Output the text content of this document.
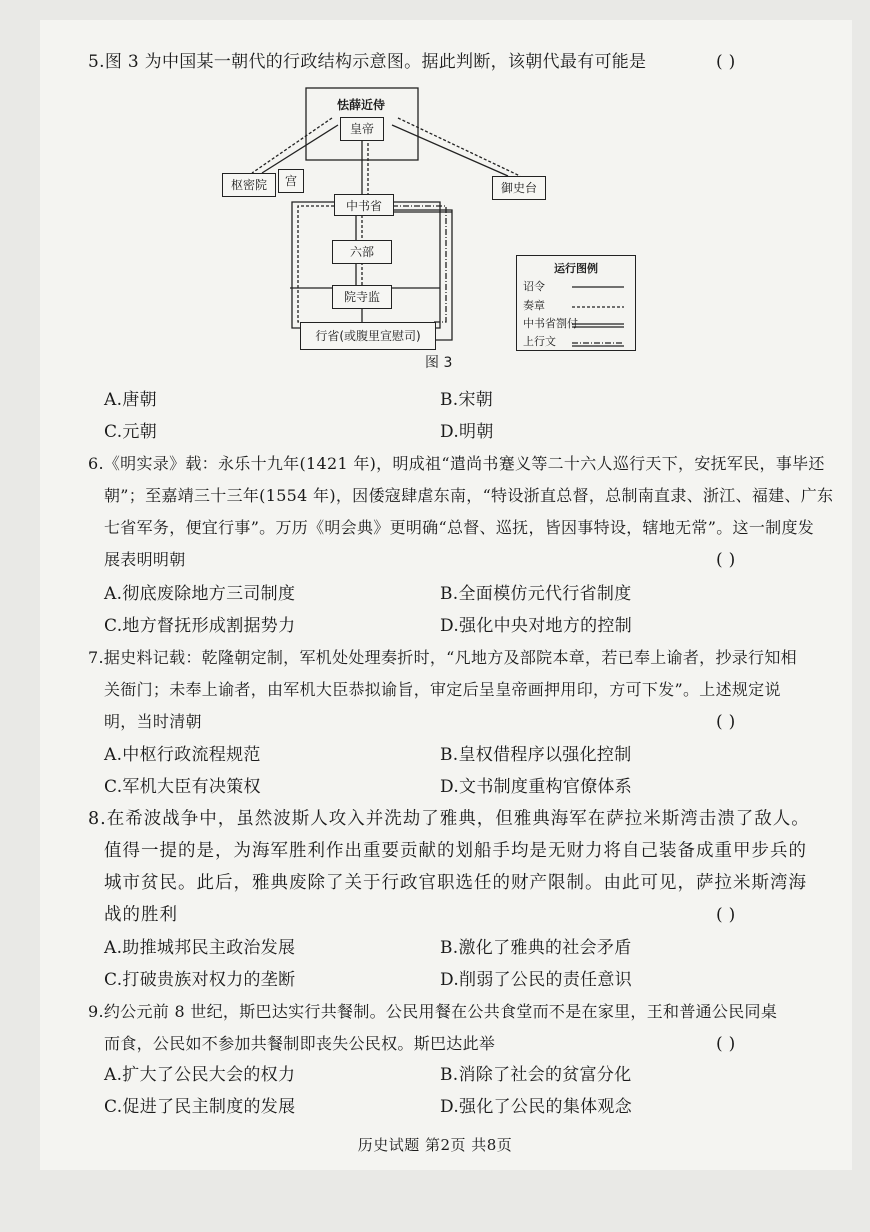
5.图 3 为中国某一朝代的行政结构示意图。据此判断，该朝代最有可能是	( )
怯薛近侍
皇帝
枢密院	宫	御史台
中书省
六部
院寺监
行省(或腹里宣慰司)
运行图例
诏令
奏章
中书省劄付
上行文
图 3
A.唐朝	B.宋朝
C.元朝	D.明朝
6.《明实录》载：永乐十九年(1421 年)，明成祖“遣尚书蹇义等二十六人巡行天下，安抚军民，事毕还
朝”；至嘉靖三十三年(1554 年)，因倭寇肆虐东南，“特设浙直总督，总制南直隶、浙江、福建、广东
七省军务，便宜行事”。万历《明会典》更明确“总督、巡抚，皆因事特设，辖地无常”。这一制度发
展表明明朝	( )
A.彻底废除地方三司制度	B.全面模仿元代行省制度
C.地方督抚形成割据势力	D.强化中央对地方的控制
7.据史料记载：乾隆朝定制，军机处处理奏折时，“凡地方及部院本章，若已奉上谕者，抄录行知相
关衙门；未奉上谕者，由军机大臣恭拟谕旨，审定后呈皇帝画押用印，方可下发”。上述规定说
明，当时清朝	( )
A.中枢行政流程规范	B.皇权借程序以强化控制
C.军机大臣有决策权	D.文书制度重构官僚体系
8.在希波战争中，虽然波斯人攻入并洗劫了雅典，但雅典海军在萨拉米斯湾击溃了敌人。
值得一提的是，为海军胜利作出重要贡献的划船手均是无财力将自己装备成重甲步兵的
城市贫民。此后，雅典废除了关于行政官职选任的财产限制。由此可见，萨拉米斯湾海
战的胜利	( )
A.助推城邦民主政治发展	B.激化了雅典的社会矛盾
C.打破贵族对权力的垄断	D.削弱了公民的责任意识
9.约公元前 8 世纪，斯巴达实行共餐制。公民用餐在公共食堂而不是在家里，王和普通公民同桌
而食，公民如不参加共餐制即丧失公民权。斯巴达此举	( )
A.扩大了公民大会的权力	B.消除了社会的贫富分化
C.促进了民主制度的发展	D.强化了公民的集体观念
历史试题 第2页 共8页
